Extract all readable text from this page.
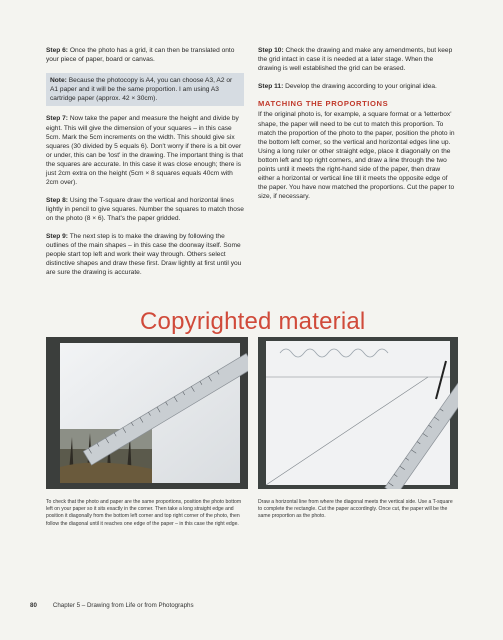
Step 6: Once the photo has a grid, it can then be translated onto your piece of paper, board or canvas.

Note: Because the photocopy is A4, you can choose A3, A2 or A1 paper and it will be the same proportion. I am using A3 cartridge paper (approx. 42 × 30cm).

Step 7: Now take the paper and measure the height and divide by eight. This will give the dimension of your squares – in this case 5cm. Mark the 5cm increments on the width. This should give six squares (30 divided by 5 equals 6). Don't worry if there is a bit over or under, this can be 'lost' in the drawing. The important thing is that the squares are accurate. In this case it was close enough; there is just 2cm extra on the height (5cm × 8 squares equals 40cm with 2cm over).

Step 8: Using the T-square draw the vertical and horizontal lines lightly in pencil to give squares. Number the squares to match those on the photo (8 × 6). That's the paper gridded.

Step 9: The next step is to make the drawing by following the outlines of the main shapes – in this case the doorway itself. Some people start top left and work their way through. Others select distinctive shapes and draw these first. Draw lightly at first until you are sure the drawing is accurate.

Step 10: Check the drawing and make any amendments, but keep the grid intact in case it is needed at a later stage. When the drawing is well established the grid can be erased.

Step 11: Develop the drawing according to your original idea.

MATCHING THE PROPORTIONS

If the original photo is, for example, a square format or a 'letterbox' shape, the paper will need to be cut to match this proportion. To match the proportion of the photo to the paper, position the photo in the bottom left corner, so the vertical and horizontal edges line up. Using a long ruler or other straight edge, place it diagonally on the bottom left and top right corners, and draw a line through the two points until it meets the right-hand side of the paper, then draw either a horizontal or vertical line till it meets the opposite edge of the paper. You have now matched the proportions. Cut the paper to size, if necessary.

Copyrighted material
To check that the photo and paper are the same proportions, position the photo bottom left on your paper so it sits exactly in the corner. Then take a long straight edge and position it diagonally from the bottom left corner and top right corner of the photo, then follow the diagonal until it reaches one edge of the paper – in this case the right edge.
Draw a horizontal line from where the diagonal meets the vertical side. Use a T-square to complete the rectangle. Cut the paper accordingly. Once cut, the paper will be the same proportion as the photo.
80	Chapter 5 – Drawing from Life or from Photographs
